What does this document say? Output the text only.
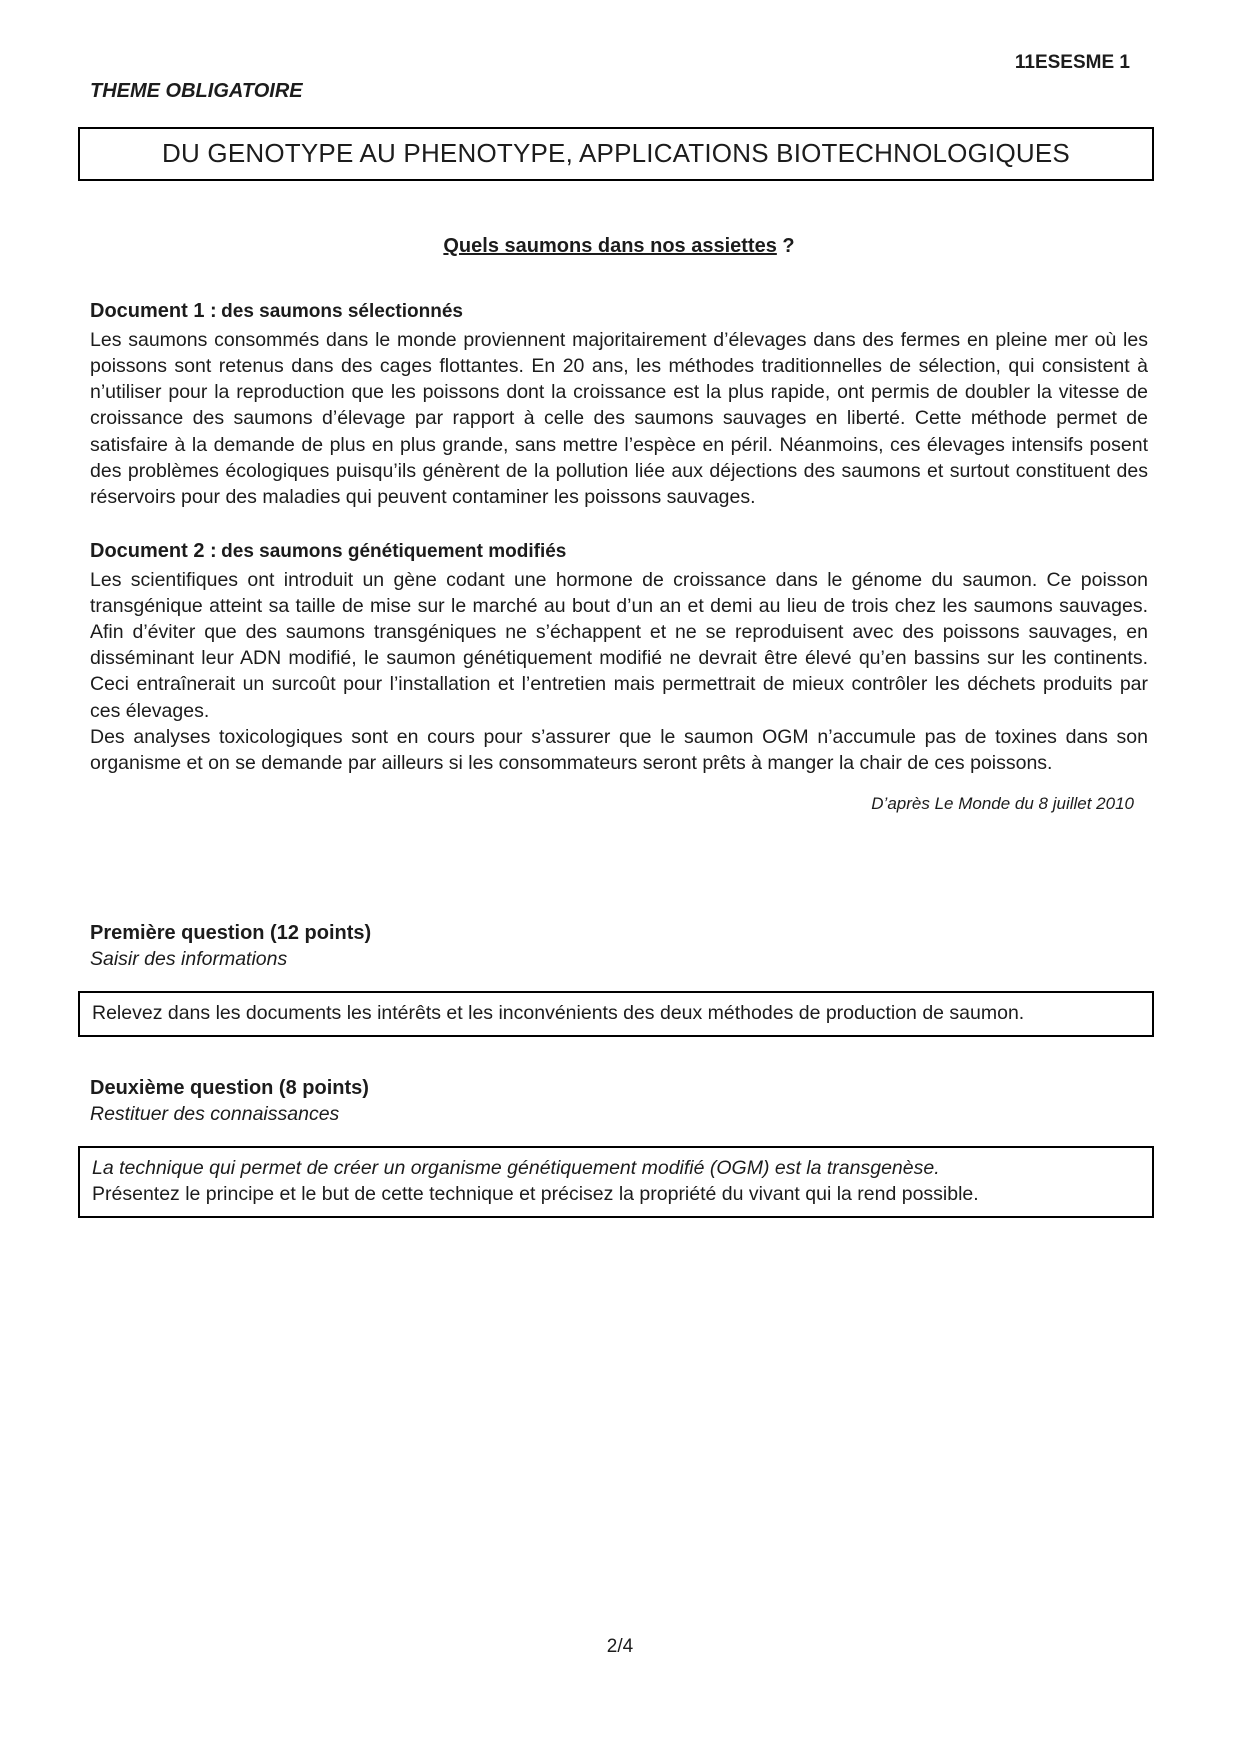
11ESESME 1
THEME OBLIGATOIRE
DU GENOTYPE AU PHENOTYPE, APPLICATIONS BIOTECHNOLOGIQUES
Quels saumons dans nos assiettes ?
Document 1 : des saumons sélectionnés

Les saumons consommés dans le monde proviennent majoritairement d’élevages dans des fermes en pleine mer où les poissons sont retenus dans des cages flottantes. En 20 ans, les méthodes traditionnelles de sélection, qui consistent à n’utiliser pour la reproduction que les poissons dont la croissance est la plus rapide, ont permis de doubler la vitesse de croissance des saumons d’élevage par rapport à celle des saumons sauvages en liberté. Cette méthode permet de satisfaire à la demande de plus en plus grande, sans mettre l’espèce en péril. Néanmoins, ces élevages intensifs posent des problèmes écologiques puisqu’ils génèrent de la pollution liée aux déjections des saumons et surtout constituent des réservoirs pour des maladies qui peuvent contaminer les poissons sauvages.

Document 2 : des saumons génétiquement modifiés

Les scientifiques ont introduit un gène codant une hormone de croissance dans le génome du saumon. Ce poisson transgénique atteint sa taille de mise sur le marché au bout d’un an et demi au lieu de trois chez les saumons sauvages. Afin d’éviter que des saumons transgéniques ne s’échappent et ne se reproduisent avec des poissons sauvages, en disséminant leur ADN modifié, le saumon génétiquement modifié ne devrait être élevé qu’en bassins sur les continents. Ceci entraînerait un surcoût pour l’installation et l’entretien mais permettrait de mieux contrôler les déchets produits par ces élevages.

Des analyses toxicologiques sont en cours pour s’assurer que le saumon OGM n’accumule pas de toxines dans son organisme et on se demande par ailleurs si les consommateurs seront prêts à manger la chair de ces poissons.

D’après Le Monde du 8 juillet 2010
Première question (12 points)
Saisir des informations

Relevez dans les documents les intérêts et les inconvénients des deux méthodes de production de saumon.

Deuxième question (8 points)
Restituer des connaissances

La technique qui permet de créer un organisme génétiquement modifié (OGM) est la transgenèse.

Présentez le principe et le but de cette technique et précisez la propriété du vivant qui la rend possible.

2/4
